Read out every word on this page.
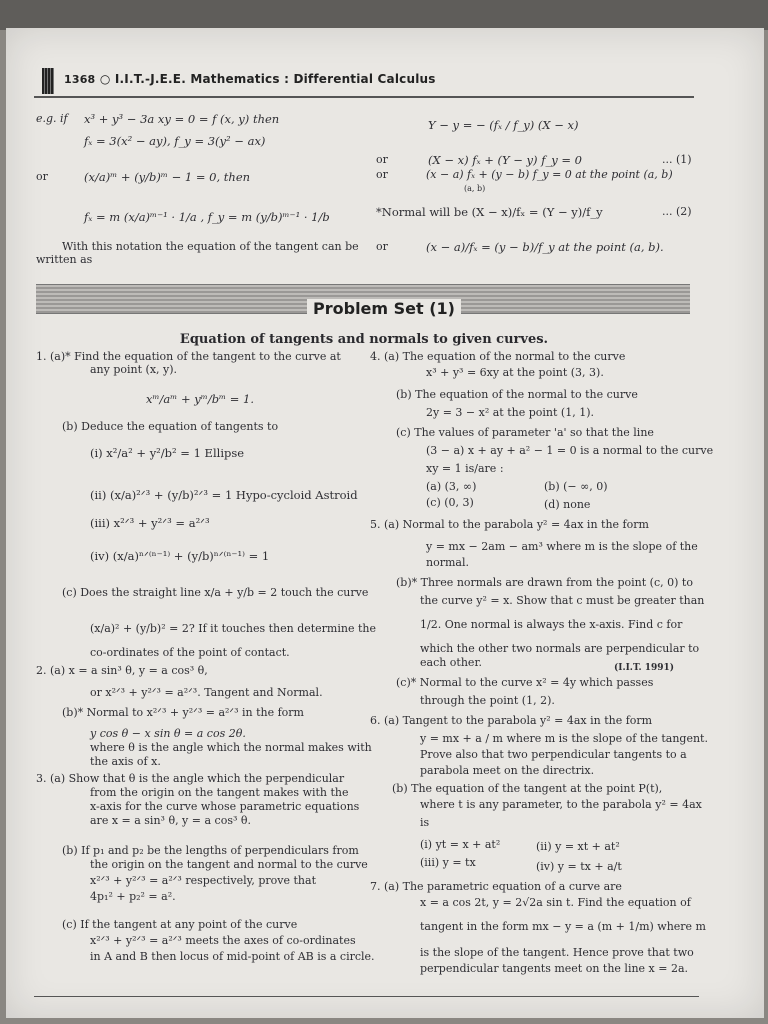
1368 ○ I.I.T.-J.E.E. Mathematics : Differential Calculus
e.g. if x³ + y³ − 3a xy = 0 = f (x, y) then
fₓ = 3(x² − ay), f_y = 3(y² − ax)
or	(x/a)ᵐ + (y/b)ᵐ − 1 = 0, then
fₓ = m (x/a)ᵐ⁻¹ · 1/a , f_y = m (y/b)ᵐ⁻¹ · 1/b
With this notation the equation of the tangent can be
written as
Y − y = − (fₓ / f_y) (X − x)
or	(X − x) fₓ + (Y − y) f_y = 0	... (1)
or	(x − a) fₓ + (y − b) f_y = 0 at the point (a, b)
(a, b)
*Normal will be (X − x)/fₓ = (Y − y)/f_y	... (2)
or	(x − a)/fₓ = (y − b)/f_y at the point (a, b).
Problem Set (1)
Equation of tangents and normals to given curves.
1. (a)* Find the equation of the tangent to the curve at
any point (x, y).
xᵐ/aᵐ + yᵐ/bᵐ = 1.
(b) Deduce the equation of tangents to
(i) x²/a² + y²/b² = 1 Ellipse
(ii) (x/a)²ᐟ³ + (y/b)²ᐟ³ = 1 Hypo-cycloid Astroid
(iii) x²ᐟ³ + y²ᐟ³ = a²ᐟ³
(iv) (x/a)ⁿᐟ⁽ⁿ⁻¹⁾ + (y/b)ⁿᐟ⁽ⁿ⁻¹⁾ = 1
(c) Does the straight line x/a + y/b = 2 touch the curve
(x/a)² + (y/b)² = 2? If it touches then determine the
co-ordinates of the point of contact.
2. (a) x = a sin³ θ, y = a cos³ θ,
or x²ᐟ³ + y²ᐟ³ = a²ᐟ³. Tangent and Normal.
(b)* Normal to x²ᐟ³ + y²ᐟ³ = a²ᐟ³ in the form
y cos θ − x sin θ = a cos 2θ.
where θ is the angle which the normal makes with
the axis of x.
3. (a) Show that θ is the angle which the perpendicular
from the origin on the tangent makes with the
x-axis for the curve whose parametric equations
are x = a sin³ θ, y = a cos³ θ.
(b) If p₁ and p₂ be the lengths of perpendiculars from
the origin on the tangent and normal to the curve
x²ᐟ³ + y²ᐟ³ = a²ᐟ³ respectively, prove that
4p₁² + p₂² = a².
(c) If the tangent at any point of the curve
x²ᐟ³ + y²ᐟ³ = a²ᐟ³ meets the axes of co-ordinates
in A and B then locus of mid-point of AB is a circle.
4. (a) The equation of the normal to the curve
x³ + y³ = 6xy at the point (3, 3).
(b) The equation of the normal to the curve
2y = 3 − x² at the point (1, 1).
(c) The values of parameter 'a' so that the line
(3 − a) x + ay + a² − 1 = 0 is a normal to the curve
xy = 1 is/are :
(a) (3, ∞)	(b) (− ∞, 0)
(c) (0, 3)	(d) none
5. (a) Normal to the parabola y² = 4ax in the form
y = mx − 2am − am³ where m is the slope of the
normal.
(b)* Three normals are drawn from the point (c, 0) to
the curve y² = x. Show that c must be greater than
1/2. One normal is always the x-axis. Find c for
which the other two normals are perpendicular to
each other.	(I.I.T. 1991)
(c)* Normal to the curve x² = 4y which passes
through the point (1, 2).
6. (a) Tangent to the parabola y² = 4ax in the form
y = mx + a / m where m is the slope of the tangent.
Prove also that two perpendicular tangents to a
parabola meet on the directrix.
(b) The equation of the tangent at the point P(t),
where t is any parameter, to the parabola y² = 4ax
is
(i) yt = x + at²	(ii) y = xt + at²
(iii) y = tx	(iv) y = tx + a/t
7. (a) The parametric equation of a curve are
x = a cos 2t, y = 2√2a sin t. Find the equation of
tangent in the form mx − y = a (m + 1/m) where m
is the slope of the tangent. Hence prove that two
perpendicular tangents meet on the line x = 2a.
